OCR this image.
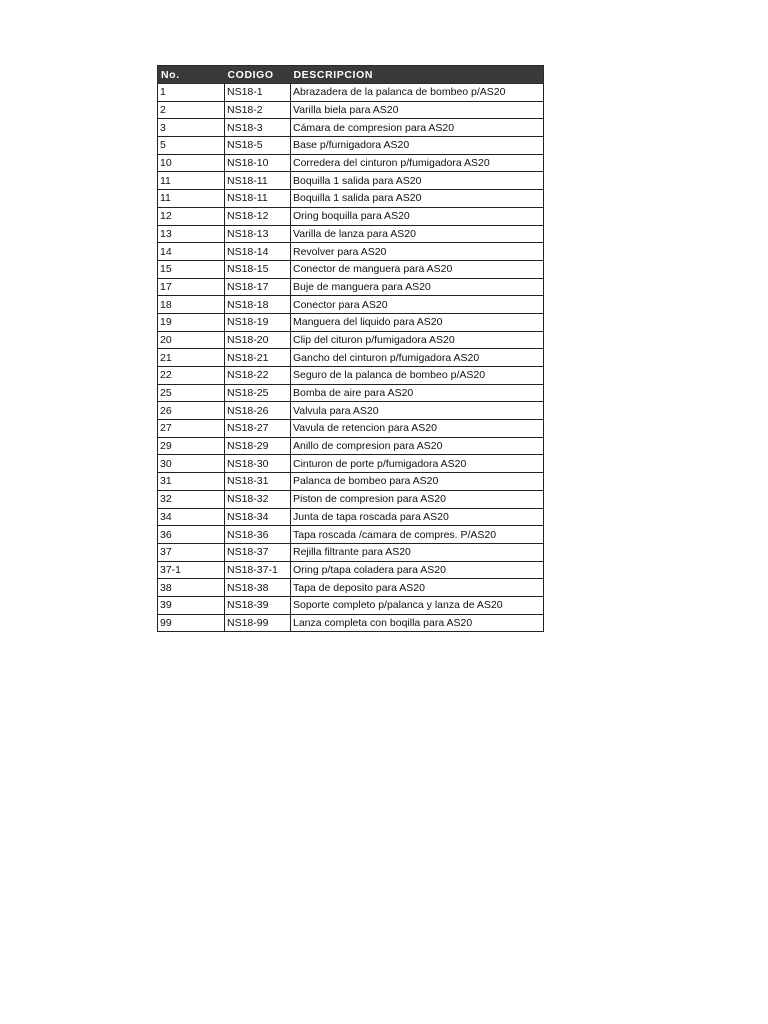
No.	CODIGO	DESCRIPCION
1	NS18-1	Abrazadera de la palanca de bombeo p/AS20
2	NS18-2	Varilla biela para AS20
3	NS18-3	Cámara de compresion para AS20
5	NS18-5	Base p/fumigadora AS20
10	NS18-10	Corredera del cinturon p/fumigadora AS20
11	NS18-11	Boquilla 1 salida para AS20
11	NS18-11	Boquilla 1 salida para AS20
12	NS18-12	Oring boquilla para AS20
13	NS18-13	Varilla de lanza para AS20
14	NS18-14	Revolver para AS20
15	NS18-15	Conector de manguera para AS20
17	NS18-17	Buje de manguera para AS20
18	NS18-18	Conector para AS20
19	NS18-19	Manguera del liquido para AS20
20	NS18-20	Clip del cituron p/fumigadora AS20
21	NS18-21	Gancho del cinturon p/fumigadora AS20
22	NS18-22	Seguro de la palanca de bombeo p/AS20
25	NS18-25	Bomba de aire para AS20
26	NS18-26	Valvula para AS20
27	NS18-27	Vavula de retencion para AS20
29	NS18-29	Anillo de compresion para AS20
30	NS18-30	Cinturon de porte p/fumigadora AS20
31	NS18-31	Palanca de bombeo para AS20
32	NS18-32	Piston de compresion para AS20
34	NS18-34	Junta de tapa roscada para AS20
36	NS18-36	Tapa roscada /camara de compres. P/AS20
37	NS18-37	Rejilla filtrante para AS20
37-1	NS18-37-1	Oring p/tapa coladera para AS20
38	NS18-38	Tapa de deposito para AS20
39	NS18-39	Soporte completo p/palanca y lanza de AS20
99	NS18-99	Lanza completa con boqilla para AS20
